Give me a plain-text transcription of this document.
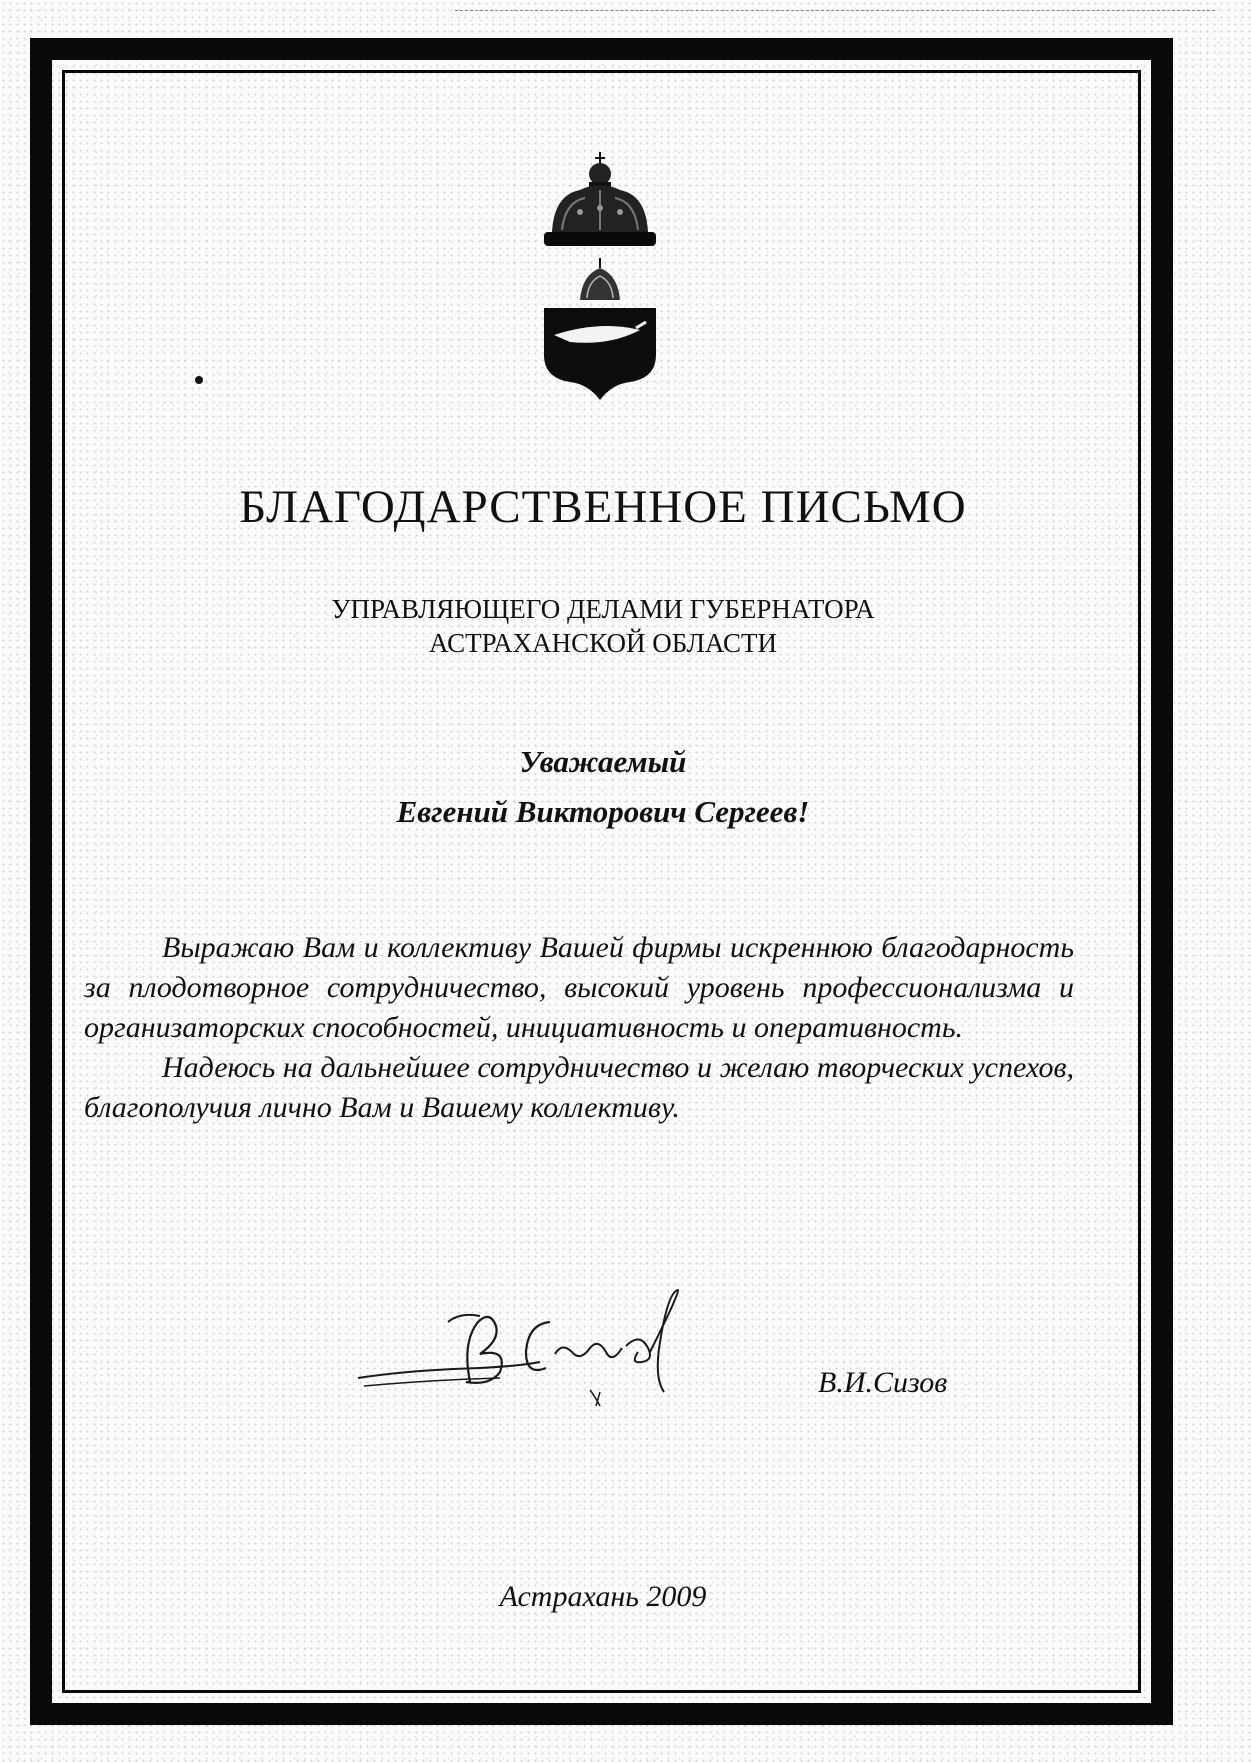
БЛАГОДАРСТВЕННОЕ ПИСЬМО
УПРАВЛЯЮЩЕГО ДЕЛАМИ ГУБЕРНАТОРА
АСТРАХАНСКОЙ ОБЛАСТИ
Уважаемый
Евгений Викторович Сергеев!

Выражаю Вам и коллективу Вашей фирмы искреннюю благодарность за плодотворное сотрудничество, высокий уровень профессионализма и организаторских способностей, инициативность и оперативность.

Надеюсь на дальнейшее сотрудничество и желаю творческих успехов, благополучия лично Вам и Вашему коллективу.

В.И.Сизов
Астрахань 2009
